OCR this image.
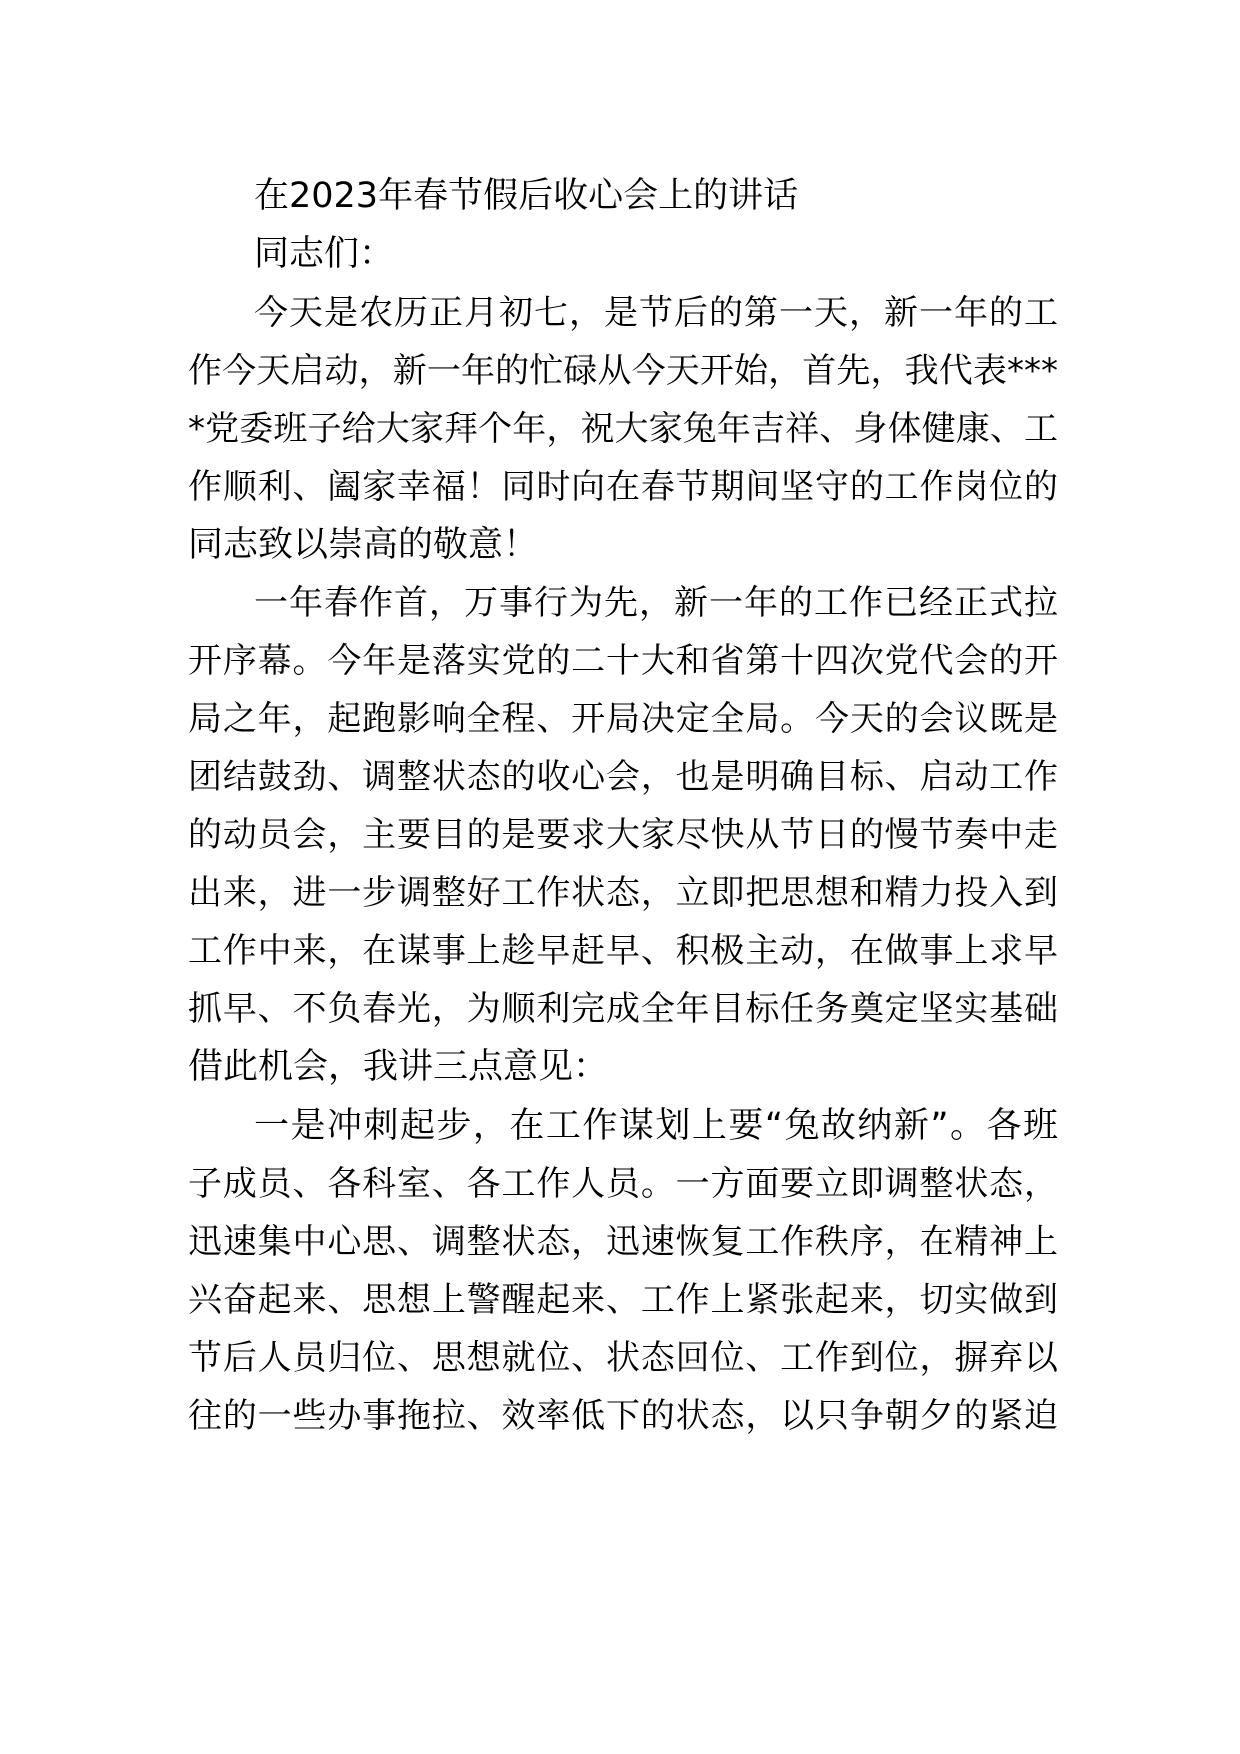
在2023年春节假后收心会上的讲话
同志们：
今天是农历正月初七，是节后的第一天，新一年的工
作今天启动，新一年的忙碌从今天开始，首先，我代表***
*党委班子给大家拜个年，祝大家兔年吉祥、身体健康、工
作顺利、阖家幸福！同时向在春节期间坚守的工作岗位的
同志致以崇高的敬意！
一年春作首，万事行为先，新一年的工作已经正式拉
开序幕。今年是落实党的二十大和省第十四次党代会的开
局之年，起跑影响全程、开局决定全局。今天的会议既是
团结鼓劲、调整状态的收心会，也是明确目标、启动工作
的动员会，主要目的是要求大家尽快从节日的慢节奏中走
出来，进一步调整好工作状态，立即把思想和精力投入到
工作中来，在谋事上趁早赶早、积极主动，在做事上求早
抓早、不负春光，为顺利完成全年目标任务奠定坚实基础
借此机会，我讲三点意见：
一是冲刺起步，在工作谋划上要“兔故纳新”。各班
子成员、各科室、各工作人员。一方面要立即调整状态，
迅速集中心思、调整状态，迅速恢复工作秩序，在精神上
兴奋起来、思想上警醒起来、工作上紧张起来，切实做到
节后人员归位、思想就位、状态回位、工作到位，摒弃以
往的一些办事拖拉、效率低下的状态，以只争朝夕的紧迫
